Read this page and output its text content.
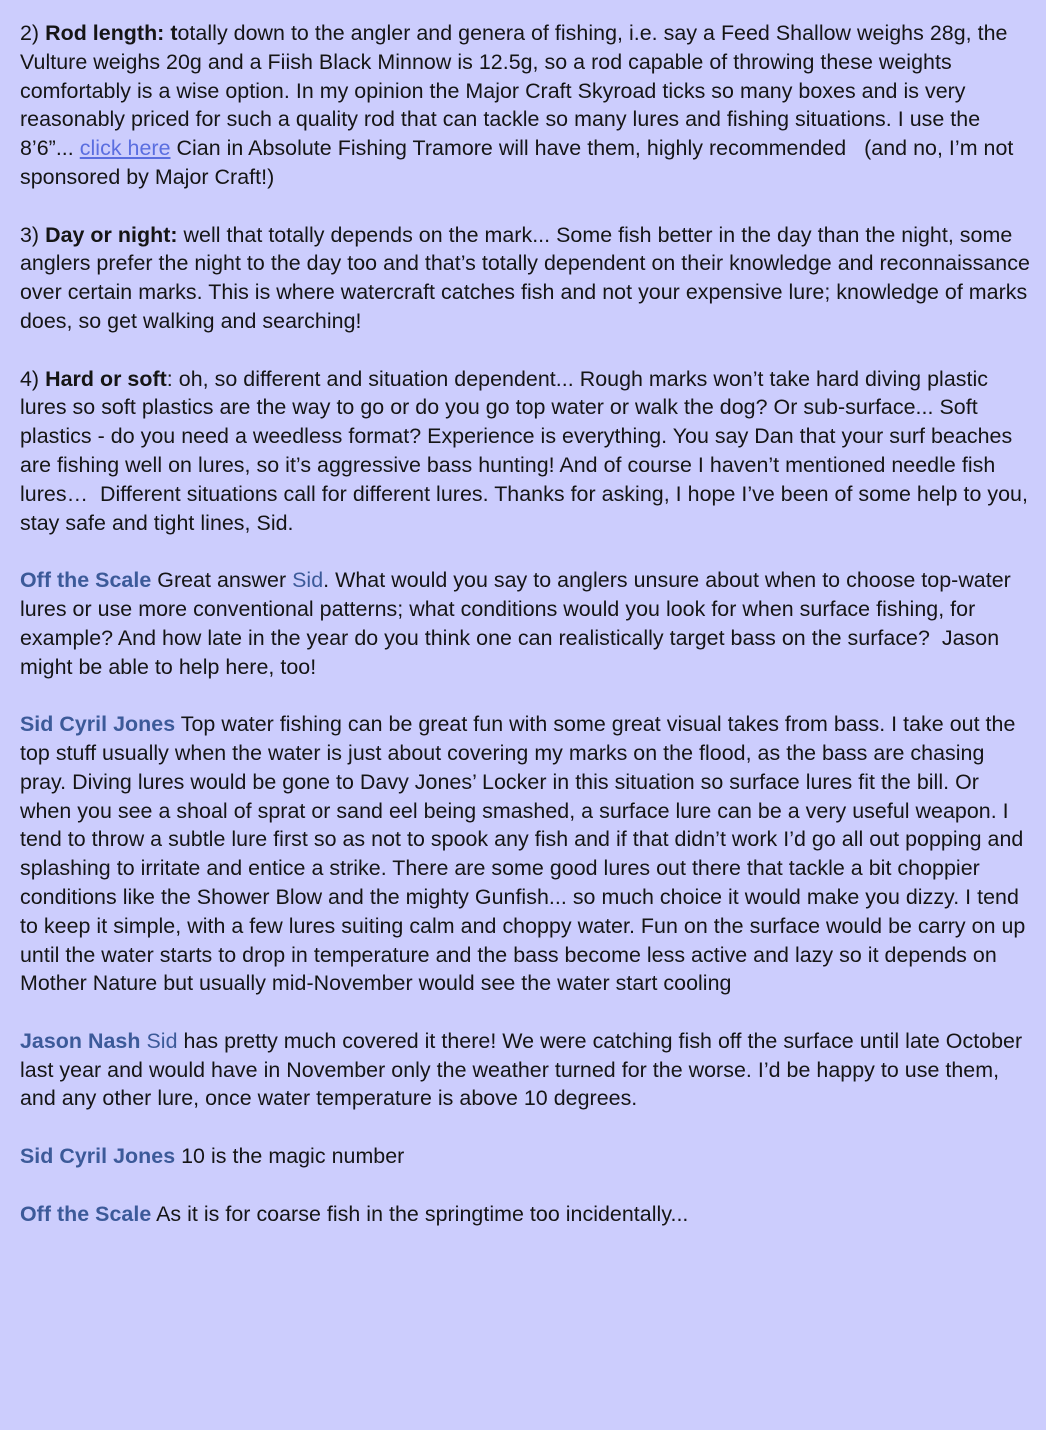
2) Rod length: totally down to the angler and genera of fishing, i.e. say a Feed Shallow weighs 28g, the Vulture weighs 20g and a Fiish Black Minnow is 12.5g, so a rod capable of throwing these weights comfortably is a wise option. In my opinion the Major Craft Skyroad ticks so many boxes and is very reasonably priced for such a quality rod that can tackle so many lures and fishing situations. I use the 8’6”... click here Cian in Absolute Fishing Tramore will have them, highly recommended   (and no, I’m not sponsored by Major Craft!)

3) Day or night: well that totally depends on the mark... Some fish better in the day than the night, some anglers prefer the night to the day too and that’s totally dependent on their knowledge and reconnaissance over certain marks. This is where watercraft catches fish and not your expensive lure; knowledge of marks does, so get walking and searching!

4) Hard or soft: oh, so different and situation dependent... Rough marks won’t take hard diving plastic lures so soft plastics are the way to go or do you go top water or walk the dog? Or sub-surface... Soft plastics - do you need a weedless format? Experience is everything. You say Dan that your surf beaches are fishing well on lures, so it’s aggressive bass hunting! And of course I haven’t mentioned needle fish lures…  Different situations call for different lures. Thanks for asking, I hope I’ve been of some help to you, stay safe and tight lines, Sid.

Off the Scale Great answer Sid. What would you say to anglers unsure about when to choose top-water lures or use more conventional patterns; what conditions would you look for when surface fishing, for example? And how late in the year do you think one can realistically target bass on the surface?  Jason might be able to help here, too!

Sid Cyril Jones Top water fishing can be great fun with some great visual takes from bass. I take out the top stuff usually when the water is just about covering my marks on the flood, as the bass are chasing pray. Diving lures would be gone to Davy Jones’ Locker in this situation so surface lures fit the bill. Or when you see a shoal of sprat or sand eel being smashed, a surface lure can be a very useful weapon. I tend to throw a subtle lure first so as not to spook any fish and if that didn’t work I’d go all out popping and splashing to irritate and entice a strike. There are some good lures out there that tackle a bit choppier conditions like the Shower Blow and the mighty Gunfish... so much choice it would make you dizzy. I tend to keep it simple, with a few lures suiting calm and choppy water. Fun on the surface would be carry on up until the water starts to drop in temperature and the bass become less active and lazy so it depends on Mother Nature but usually mid-November would see the water start cooling

Jason Nash Sid has pretty much covered it there! We were catching fish off the surface until late October last year and would have in November only the weather turned for the worse. I’d be happy to use them, and any other lure, once water temperature is above 10 degrees.

Sid Cyril Jones 10 is the magic number

Off the Scale As it is for coarse fish in the springtime too incidentally...
